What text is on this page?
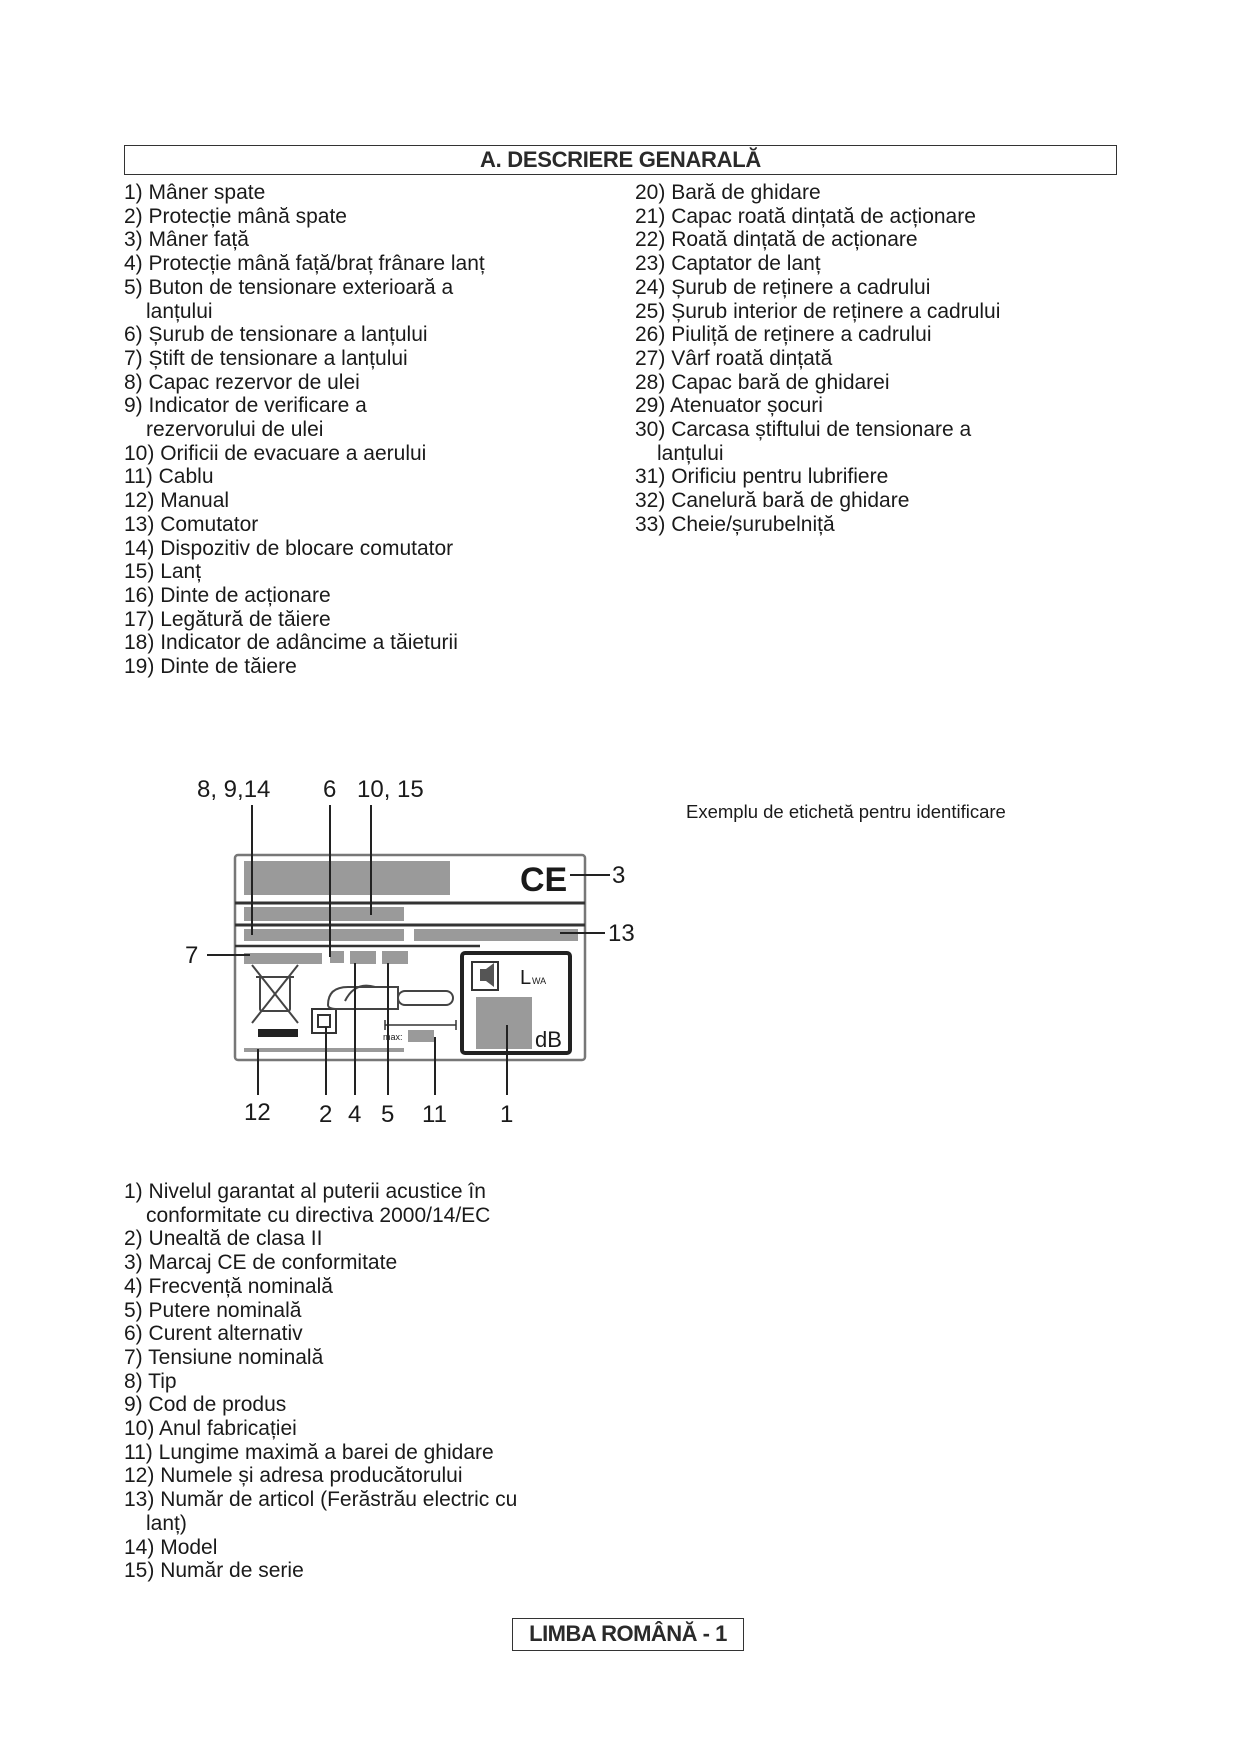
A. DESCRIERE GENARALĂ
1) Mâner spate
2) Protecție mână spate
3) Mâner față
4) Protecție mână față/braț frânare lanț
5) Buton de tensionare exterioară a
lanțului
6) Șurub de tensionare a lanțului
7) Știft de tensionare a lanțului
8) Capac rezervor de ulei
9) Indicator de verificare a
rezervorului de ulei
10) Orificii de evacuare a aerului
11) Cablu
12) Manual
13) Comutator
14) Dispozitiv de blocare comutator
15) Lanț
16) Dinte de acționare
17) Legătură de tăiere
18) Indicator de adâncime a tăieturii
19) Dinte de tăiere
20) Bară de ghidare
21) Capac roată dințată de acționare
22) Roată dințată de acționare
23) Captator de lanț
24) Șurub de reținere a cadrului
25) Șurub interior de reținere a cadrului
26) Piuliță de reținere a cadrului
27) Vârf roată dințată
28) Capac bară de ghidarei
29) Atenuator șocuri
30) Carcasa știftului de tensionare a
lanțului
31) Orificiu pentru lubrifiere
32) Canelură bară de ghidare
33) Cheie/șurubelniță
Exemplu de etichetă pentru identificare
max:
L WA
dB
CE
8, 9,14 6 10, 15
3
13
7
12 2 4 5 11 1
1) Nivelul garantat al puterii acustice în
conformitate cu directiva 2000/14/EC
2) Unealtă de clasa II
3) Marcaj CE de conformitate
4) Frecvență nominală
5) Putere nominală
6) Curent alternativ
7) Tensiune nominală
8) Tip
9) Cod de produs
10) Anul fabricației
11) Lungime maximă a barei de ghidare
12) Numele și adresa producătorului
13) Număr de articol (Ferăstrău electric cu
lanț)
14) Model
15) Număr de serie
LIMBA ROMÂNĂ - 1
